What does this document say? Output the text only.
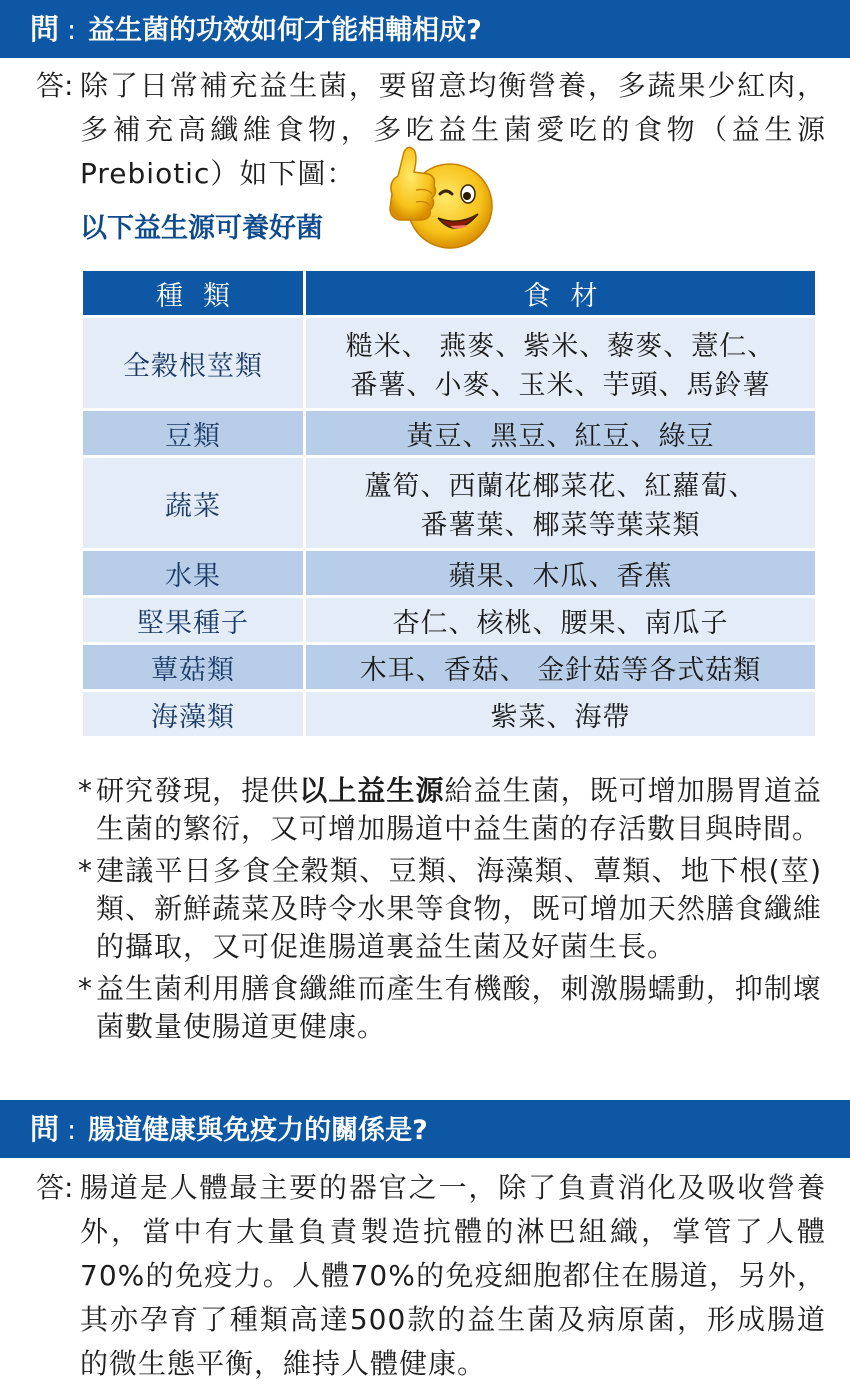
問 : 益生菌的功效如何才能相輔相成?
答: 除了日常補充益生菌，要留意均衡營養，多蔬果少紅肉，多補充高纖維食物，多吃益生菌愛吃的食物（益生源Prebiotic）如下圖：
以下益生源可養好菌
種類	食材
全穀根莖類	糙米、 燕麥、紫米、藜麥、薏仁、
番薯、小麥、玉米、芋頭、馬鈴薯

豆類	黃豆、黑豆、紅豆、綠豆
蔬菜	蘆筍、西蘭花椰菜花、紅蘿蔔、
番薯葉、椰菜等葉菜類

水果	蘋果、木瓜、香蕉
堅果種子	杏仁、核桃、腰果、南瓜子
蕈菇類	木耳、香菇、 金針菇等各式菇類
海藻類	紫菜、海帶
* 研究發現，提供以上益生源給益生菌，既可增加腸胃道益生菌的繁衍，又可增加腸道中益生菌的存活數目與時間。
* 建議平日多食全穀類、豆類、海藻類、蕈類、地下根(莖)類、新鮮蔬菜及時令水果等食物，既可增加天然膳食纖維的攝取，又可促進腸道裏益生菌及好菌生長。
* 益生菌利用膳食纖維而產生有機酸，刺激腸蠕動，抑制壞菌數量使腸道更健康。
問 : 腸道健康與免疫力的關係是?
答: 腸道是人體最主要的器官之一，除了負責消化及吸收營養外，當中有大量負責製造抗體的淋巴組織，掌管了人體70%的免疫力。人體70%的免疫細胞都住在腸道，另外，其亦孕育了種類高達500款的益生菌及病原菌，形成腸道的微生態平衡，維持人體健康。
